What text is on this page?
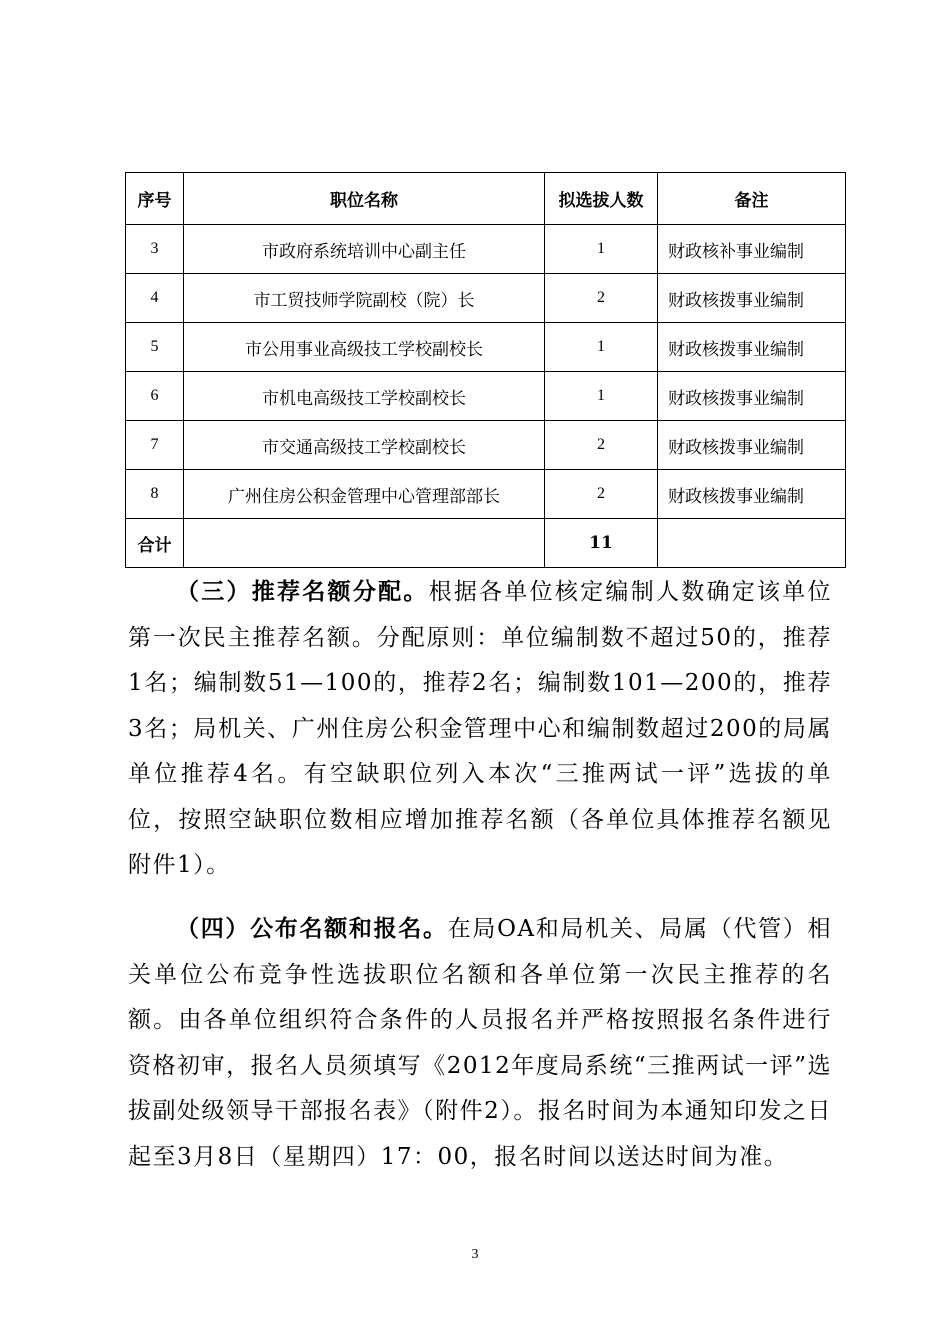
序号	职位名称	拟选拔人数	备注
3	市政府系统培训中心副主任	1	财政核补事业编制
4	市工贸技师学院副校（院）长	2	财政核拨事业编制
5	市公用事业高级技工学校副校长	1	财政核拨事业编制
6	市机电高级技工学校副校长	1	财政核拨事业编制
7	市交通高级技工学校副校长	2	财政核拨事业编制
8	广州住房公积金管理中心管理部部长	2	财政核拨事业编制
合计		11	

（三）推荐名额分配。根据各单位核定编制人数确定该单位第一次民主推荐名额。分配原则：单位编制数不超过50的，推荐1名；编制数51—100的，推荐2名；编制数101—200的，推荐3名；局机关、广州住房公积金管理中心和编制数超过200的局属单位推荐4名。有空缺职位列入本次“三推两试一评”选拔的单位，按照空缺职位数相应增加推荐名额（各单位具体推荐名额见附件1）。

（四）公布名额和报名。在局OA和局机关、局属（代管）相关单位公布竞争性选拔职位名额和各单位第一次民主推荐的名额。由各单位组织符合条件的人员报名并严格按照报名条件进行资格初审，报名人员须填写《2012年度局系统“三推两试一评”选拔副处级领导干部报名表》（附件2）。报名时间为本通知印发之日起至3月8日（星期四）17：00，报名时间以送达时间为准。

3
